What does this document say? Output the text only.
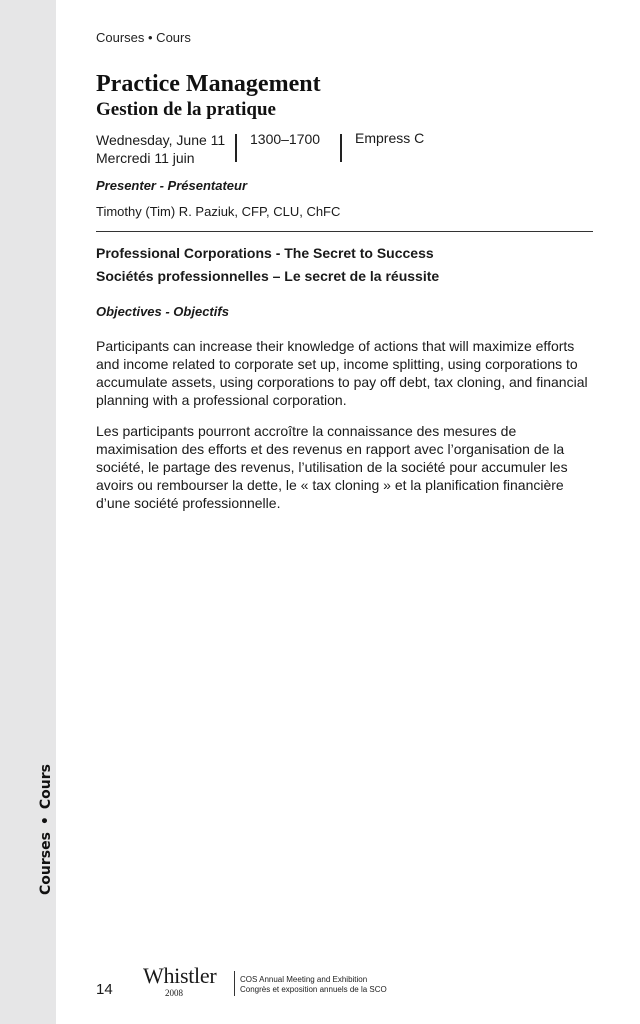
Courses•Cours
Courses • Cours
Practice Management
Gestion de la pratique
Wednesday, June 11
Mercredi 11 juin
1300–1700 Empress C
Presenter - Présentateur
Timothy (Tim) R. Paziuk, CFP, CLU, ChFC
Professional Corporations - The Secret to Success
Sociétés professionnelles – Le secret de la réussite
Objectives - Objectifs

Participants can increase their knowledge of actions that will maximize efforts and income related to corporate set up, income splitting, using corporations to accumulate assets, using corporations to pay off debt, tax cloning, and financial planning with a professional corporation.

Les participants pourront accroître la connaissance des mesures de maximisation des efforts et des revenus en rapport avec l’organisation de la société, le partage des revenus, l’utilisation de la société pour accumuler les avoirs ou rembourser la dette, le « tax cloning » et la planification financière d’une société professionnelle.

14
Whistler
2008
COS Annual Meeting and Exhibition
Congrès et exposition annuels de la SCO
